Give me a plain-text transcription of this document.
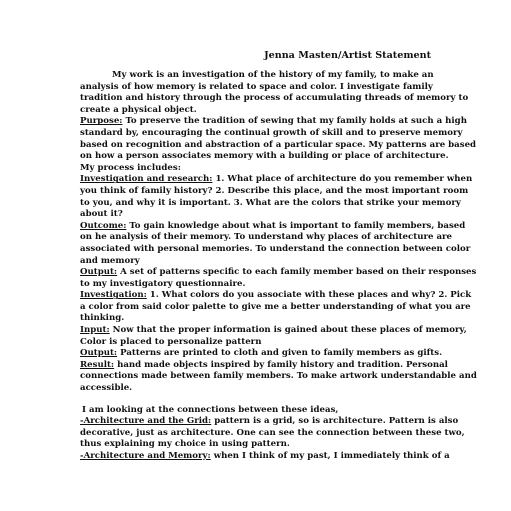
Jenna Masten/Artist Statement
My work is an investigation of the history of my family, to make an
analysis of how memory is related to space and color. I investigate family
tradition and history through the process of accumulating threads of memory to
create a physical object.
Purpose: To preserve the tradition of sewing that my family holds at such a high
standard by, encouraging the continual growth of skill and to preserve memory
based on recognition and abstraction of a particular space. My patterns are based
on how a person associates memory with a building or place of architecture.
My process includes:
Investigation and research: 1. What place of architecture do you remember when
you think of family history? 2. Describe this place, and the most important room
to you, and why it is important. 3. What are the colors that strike your memory
about it?
Outcome: To gain knowledge about what is important to family members, based
on he analysis of their memory. To understand why places of architecture are
associated with personal memories. To understand the connection between color
and memory
Output: A set of patterns specific to each family member based on their responses
to my investigatory questionnaire.
Investigation: 1. What colors do you associate with these places and why? 2. Pick
a color from said color palette to give me a better understanding of what you are
thinking.
Input: Now that the proper information is gained about these places of memory,
Color is placed to personalize pattern
Output: Patterns are printed to cloth and given to family members as gifts.
Result: hand made objects inspired by family history and tradition. Personal
connections made between family members. To make artwork understandable and
accessible.
I am looking at the connections between these ideas,
-Architecture and the Grid: pattern is a grid, so is architecture. Pattern is also
decorative, just as architecture. One can see the connection between these two,
thus explaining my choice in using pattern.
-Architecture and Memory: when I think of my past, I immediately think of a
